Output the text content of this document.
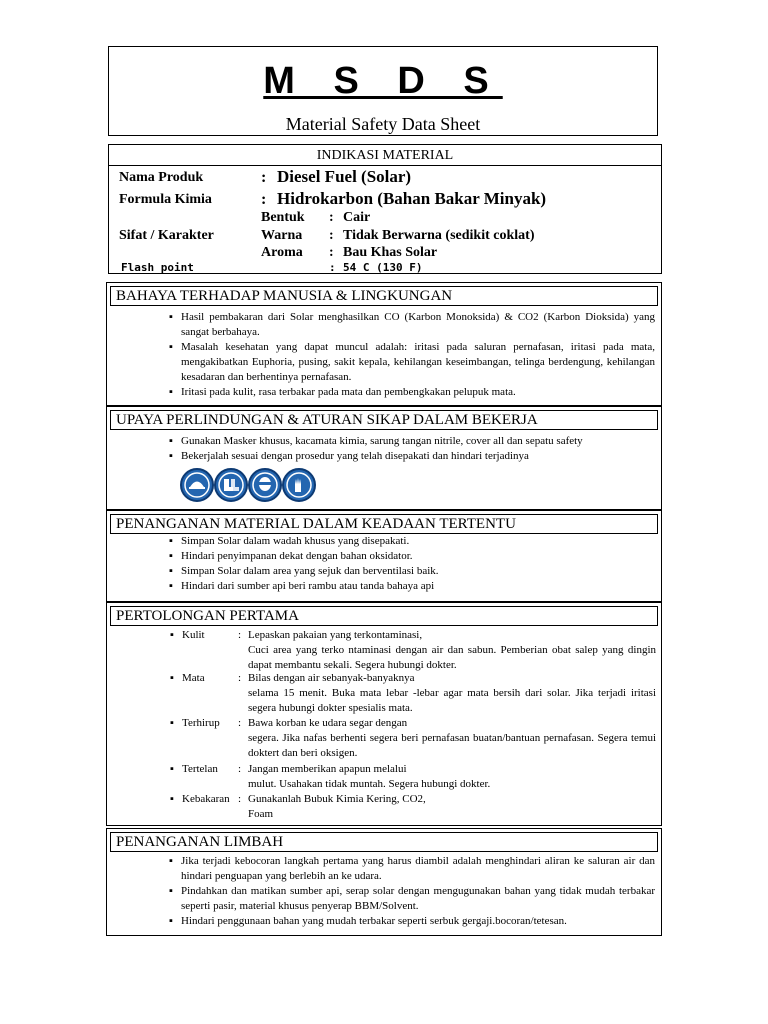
M S D S
Material Safety Data Sheet
INDIKASI MATERIAL
Nama Produk	: Diesel Fuel (Solar)
Formula Kimia	: Hidrokarbon (Bahan Bakar Minyak)
Bentuk : Cair
Sifat / Karakter	Warna : Tidak Berwarna (sedikit coklat)
Aroma : Bau Khas Solar
Flash point	: 54 C (130 F)
BAHAYA TERHADAP MANUSIA & LINGKUNGAN
▪ Hasil pembakaran dari Solar menghasilkan CO (Karbon Monoksida) & CO2 (Karbon Dioksida) yang sangat berbahaya.
▪ Masalah kesehatan yang dapat muncul adalah: iritasi pada saluran pernafasan, iritasi pada mata, mengakibatkan Euphoria, pusing, sakit kepala, kehilangan keseimbangan, telinga berdengung, kehilangan kesadaran dan berhentinya pernafasan.
▪ Iritasi pada kulit, rasa terbakar pada mata dan pembengkakan pelupuk mata.
UPAYA PERLINDUNGAN & ATURAN SIKAP DALAM BEKERJA
▪ Gunakan Masker khusus, kacamata kimia, sarung tangan nitrile, cover all dan sepatu safety
▪ Bekerjalah sesuai dengan prosedur yang telah disepakati dan hindari terjadinya
PENANGANAN MATERIAL DALAM KEADAAN TERTENTU
▪ Simpan Solar dalam wadah khusus yang disepakati.
▪ Hindari penyimpanan dekat dengan bahan oksidator.
▪ Simpan Solar dalam area yang sejuk dan berventilasi baik.
▪ Hindari dari sumber api beri rambu atau tanda bahaya api
PERTOLONGAN PERTAMA
▪ Kulit	: Lepaskan pakaian yang terkontaminasi,
Cuci area yang terko ntaminasi dengan air dan sabun. Pemberian obat salep yang dingin dapat membantu sekali. Segera hubungi dokter.
▪ Mata	: Bilas dengan air sebanyak-banyaknya
selama 15 menit. Buka mata lebar -lebar agar mata bersih dari solar. Jika terjadi iritasi segera hubungi dokter spesialis mata.
▪ Terhirup : Bawa korban ke udara segar dengan
segera. Jika nafas berhenti segera beri pernafasan buatan/bantuan pernafasan. Segera temui doktert dan beri oksigen.
▪ Tertelan : Jangan memberikan apapun melalui
mulut. Usahakan tidak muntah. Segera hubungi dokter.
▪ Kebakaran : Gunakanlah Bubuk Kimia Kering, CO2,
Foam
PENANGANAN LIMBAH
▪ Jika terjadi kebocoran langkah pertama yang harus diambil adalah menghindari aliran ke saluran air dan hindari penguapan yang berlebih an ke udara.
▪ Pindahkan dan matikan sumber api, serap solar dengan mengugunakan bahan yang tidak mudah terbakar seperti pasir, material khusus penyerap BBM/Solvent.
▪ Hindari penggunaan bahan yang mudah terbakar seperti serbuk gergaji.bocoran/tetesan.
